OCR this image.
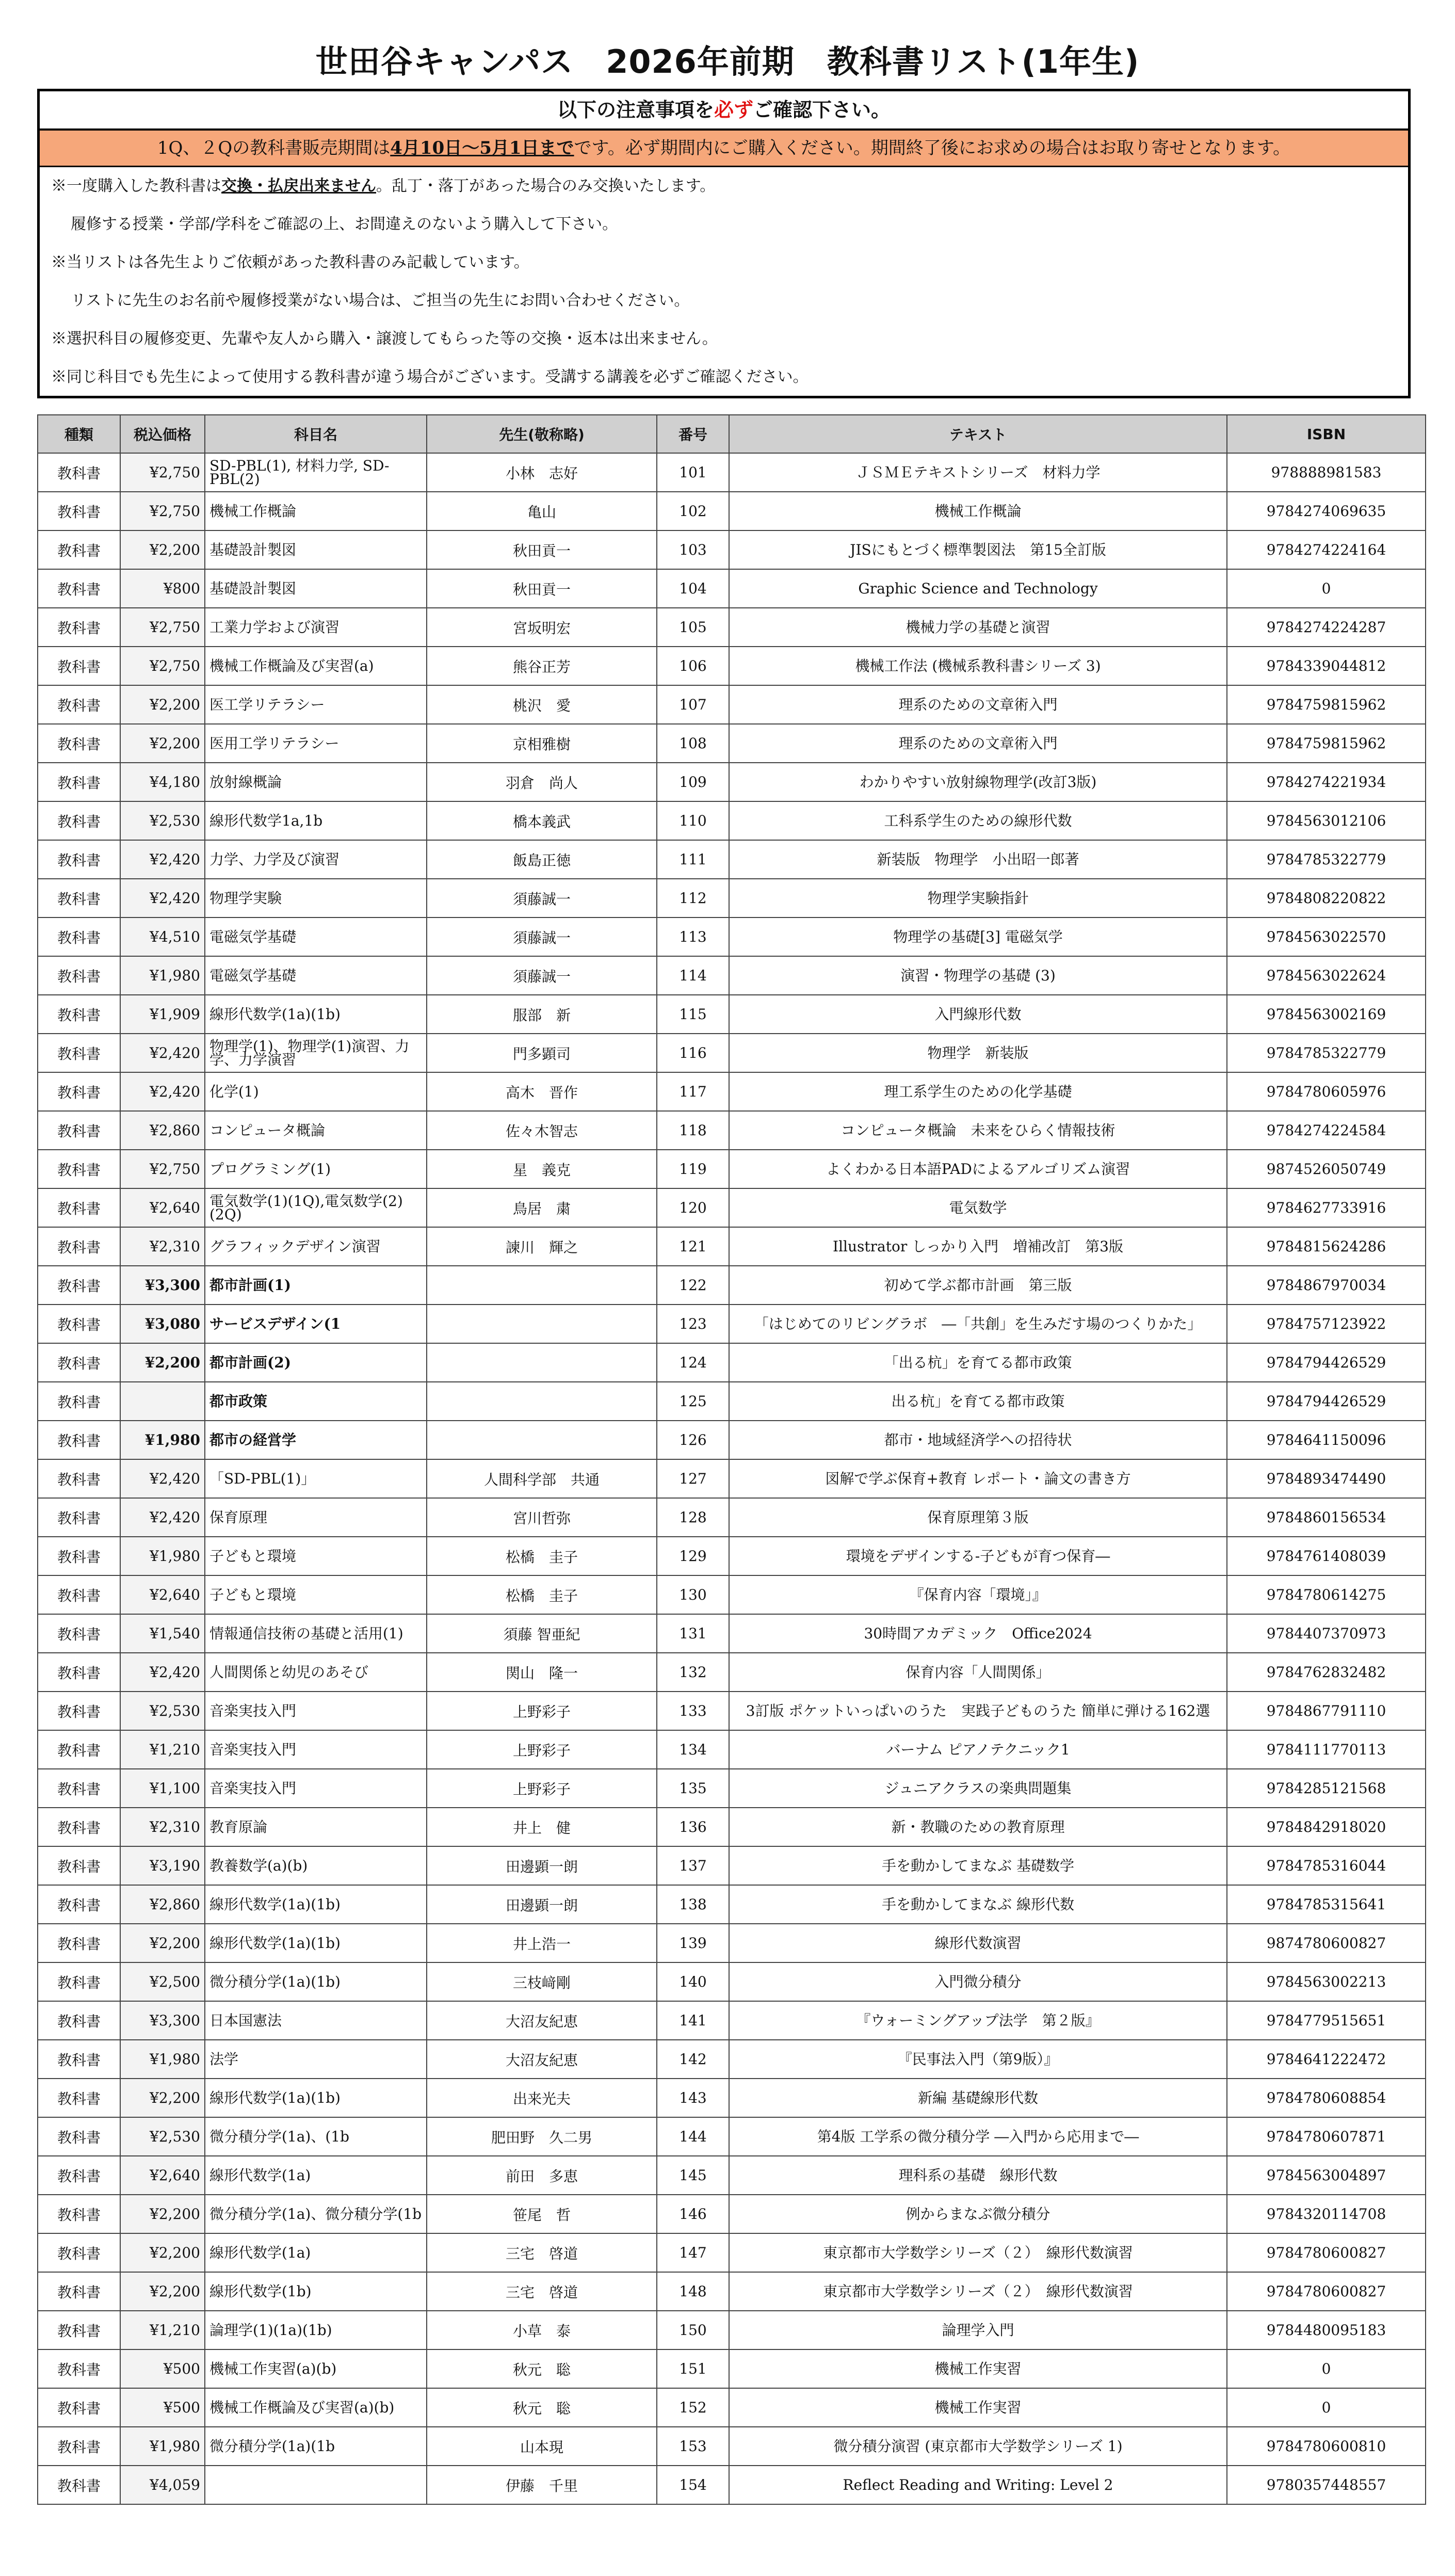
世田谷キャンパス　2026年前期　教科書リスト(1年生)
以下の注意事項を必ずご確認下さい。
1Q、２Qの教科書販売期間は4月10日～5月1日までです。必ず期間内にご購入ください。期間終了後にお求めの場合はお取り寄せとなります。
※一度購入した教科書は交換・払戻出来ません。乱丁・落丁があった場合のみ交換いたします。
履修する授業・学部/学科をご確認の上、お間違えのないよう購入して下さい。
※当リストは各先生よりご依頼があった教科書のみ記載しています。
リストに先生のお名前や履修授業がない場合は、ご担当の先生にお問い合わせください。
※選択科目の履修変更、先輩や友人から購入・譲渡してもらった等の交換・返本は出来ません。
※同じ科目でも先生によって使用する教科書が違う場合がございます。受講する講義を必ずご確認ください。
種類	税込価格	科目名	先生(敬称略)	番号	テキスト	ISBN
教科書	¥2,750	SD-PBL(1), 材料力学, SD-PBL(2)	小林　志好	101	ＪＳＭＥテキストシリーズ　材料力学	978888981583
教科書	¥2,750	機械工作概論	亀山	102	機械工作概論	9784274069635
教科書	¥2,200	基礎設計製図	秋田貢一	103	JISにもとづく標準製図法　第15全訂版	9784274224164
教科書	¥800	基礎設計製図	秋田貢一	104	Graphic Science and Technology	0
教科書	¥2,750	工業力学および演習	宮坂明宏	105	機械力学の基礎と演習	9784274224287
教科書	¥2,750	機械工作概論及び実習(a)	熊谷正芳	106	機械工作法 (機械系教科書シリーズ 3)	9784339044812
教科書	¥2,200	医工学リテラシー	桃沢　愛	107	理系のための文章術入門	9784759815962
教科書	¥2,200	医用工学リテラシー	京相雅樹	108	理系のための文章術入門	9784759815962
教科書	¥4,180	放射線概論	羽倉　尚人	109	わかりやすい放射線物理学(改訂3版)	9784274221934
教科書	¥2,530	線形代数学1a,1b	橋本義武	110	工科系学生のための線形代数	9784563012106
教科書	¥2,420	力学、力学及び演習	飯島正徳	111	新装版　物理学　小出昭一郎著	9784785322779
教科書	¥2,420	物理学実験	須藤誠一	112	物理学実験指針	9784808220822
教科書	¥4,510	電磁気学基礎	須藤誠一	113	物理学の基礎[3] 電磁気学	9784563022570
教科書	¥1,980	電磁気学基礎	須藤誠一	114	演習・物理学の基礎 (3)	9784563022624
教科書	¥1,909	線形代数学(1a)(1b)	服部　新	115	入門線形代数	9784563002169
教科書	¥2,420	物理学(1)、物理学(1)演習、力学、力学演習	門多顕司	116	物理学　新装版	9784785322779
教科書	¥2,420	化学(1)	高木　晋作	117	理工系学生のための化学基礎	9784780605976
教科書	¥2,860	コンピュータ概論	佐々木智志	118	コンピュータ概論　未来をひらく情報技術	9784274224584
教科書	¥2,750	プログラミング(1)	星　義克	119	よくわかる日本語PADによるアルゴリズム演習	9874526050749
教科書	¥2,640	電気数学(1)(1Q),電気数学(2)(2Q)	鳥居　粛	120	電気数学	9784627733916
教科書	¥2,310	グラフィックデザイン演習	諫川　輝之	121	Illustrator しっかり入門　増補改訂　第3版	9784815624286
教科書	¥3,300	都市計画(1)		122	初めて学ぶ都市計画　第三版	9784867970034
教科書	¥3,080	サービスデザイン(1		123	「はじめてのリビングラボ　―「共創」を生みだす場のつくりかた」	9784757123922
教科書	¥2,200	都市計画(2)		124	「出る杭」を育てる都市政策	9784794426529
教科書		都市政策		125	出る杭」を育てる都市政策	9784794426529
教科書	¥1,980	都市の経営学		126	都市・地域経済学への招待状	9784641150096
教科書	¥2,420	「SD-PBL(1)」	人間科学部　共通	127	図解で学ぶ保育+教育 レポート・論文の書き方	9784893474490
教科書	¥2,420	保育原理	宮川哲弥	128	保育原理第３版	9784860156534
教科書	¥1,980	子どもと環境	松橋　圭子	129	環境をデザインする-子どもが育つ保育―	9784761408039
教科書	¥2,640	子どもと環境	松橋　圭子	130	『保育内容「環境」』	9784780614275
教科書	¥1,540	情報通信技術の基礎と活用(1)	須藤 智亜紀	131	30時間アカデミック　Office2024	9784407370973
教科書	¥2,420	人間関係と幼児のあそび	関山　隆一	132	保育内容「人間関係」	9784762832482
教科書	¥2,530	音楽実技入門	上野彩子	133	3訂版 ポケットいっぱいのうた　実践子どものうた 簡単に弾ける162選	9784867791110
教科書	¥1,210	音楽実技入門	上野彩子	134	バーナム ピアノテクニック1	9784111770113
教科書	¥1,100	音楽実技入門	上野彩子	135	ジュニアクラスの楽典問題集	9784285121568
教科書	¥2,310	教育原論	井上　健	136	新・教職のための教育原理	9784842918020
教科書	¥3,190	教養数学(a)(b)	田邊顕一朗	137	手を動かしてまなぶ 基礎数学	9784785316044
教科書	¥2,860	線形代数学(1a)(1b)	田邊顕一朗	138	手を動かしてまなぶ 線形代数	9784785315641
教科書	¥2,200	線形代数学(1a)(1b)	井上浩一	139	線形代数演習	9874780600827
教科書	¥2,500	微分積分学(1a)(1b)	三枝﨑剛	140	入門微分積分	9784563002213
教科書	¥3,300	日本国憲法	大沼友紀恵	141	『ウォーミングアップ法学　第２版』	9784779515651
教科書	¥1,980	法学	大沼友紀恵	142	『民事法入門（第9版）』	9784641222472
教科書	¥2,200	線形代数学(1a)(1b)	出来光夫	143	新編 基礎線形代数	9784780608854
教科書	¥2,530	微分積分学(1a)、(1b	肥田野　久二男	144	第4版 工学系の微分積分学 ―入門から応用まで―	9784780607871
教科書	¥2,640	線形代数学(1a)	前田　多恵	145	理科系の基礎　線形代数	9784563004897
教科書	¥2,200	微分積分学(1a)、微分積分学(1b	笹尾　哲	146	例からまなぶ微分積分	9784320114708
教科書	¥2,200	線形代数学(1a)	三宅　啓道	147	東京都市大学数学シリーズ（２）　線形代数演習	9784780600827
教科書	¥2,200	線形代数学(1b)	三宅　啓道	148	東京都市大学数学シリーズ（２）　線形代数演習	9784780600827
教科書	¥1,210	論理学(1)(1a)(1b)	小草　泰	150	論理学入門	9784480095183
教科書	¥500	機械工作実習(a)(b)	秋元　聡	151	機械工作実習	0
教科書	¥500	機械工作概論及び実習(a)(b)	秋元　聡	152	機械工作実習	0
教科書	¥1,980	微分積分学(1a)(1b	山本現	153	微分積分演習 (東京都市大学数学シリーズ 1)	9784780600810
教科書	¥4,059		伊藤　千里	154	Reflect Reading and Writing: Level 2	9780357448557
